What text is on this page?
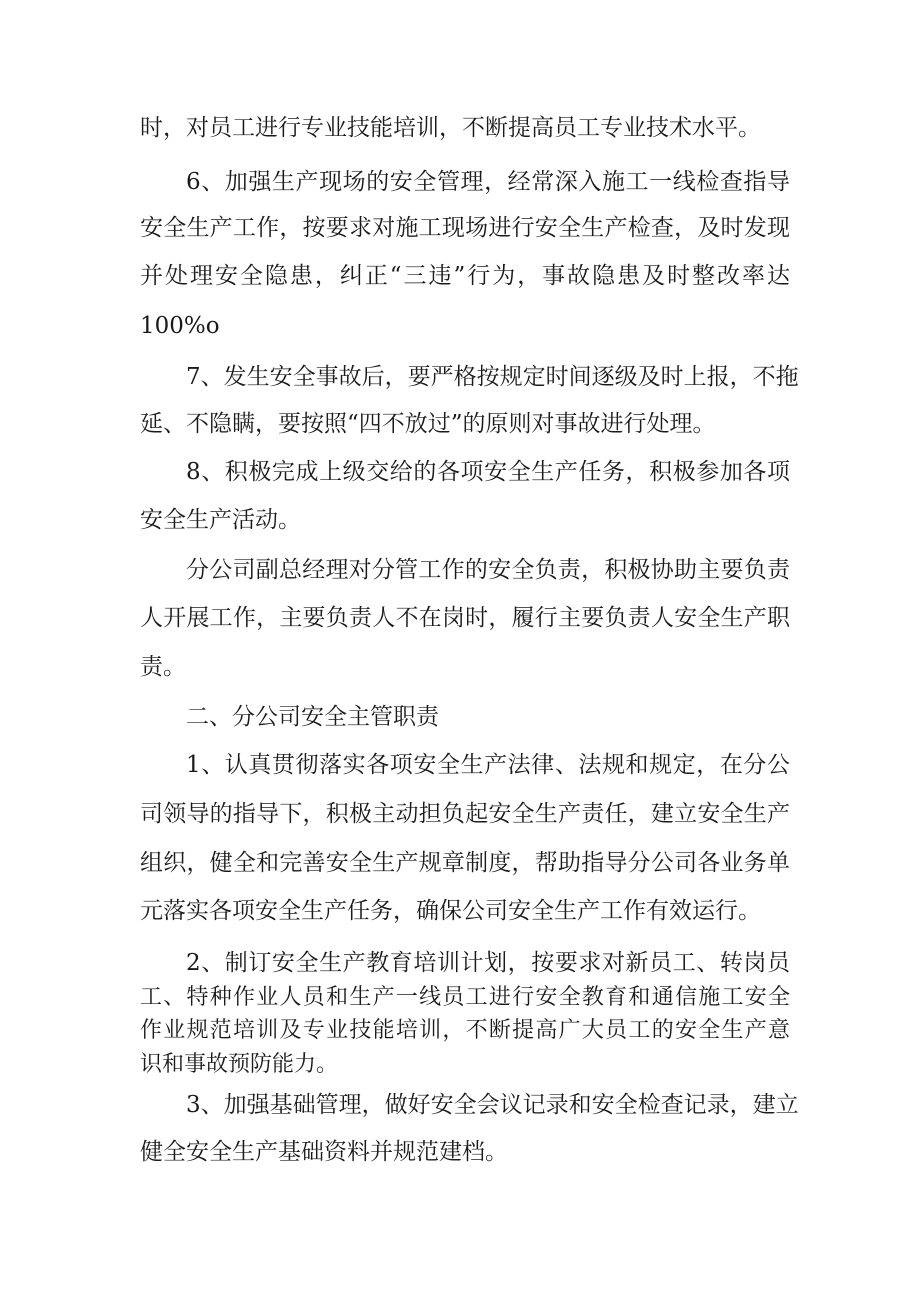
时，对员工进行专业技能培训，不断提高员工专业技术水平。
6、加强生产现场的安全管理，经常深入施工一线检查指导
安全生产工作，按要求对施工现场进行安全生产检查，及时发现
并处理安全隐患，纠正“三违”行为，事故隐患及时整改率达
100%o
7、发生安全事故后，要严格按规定时间逐级及时上报，不拖
延、不隐瞒，要按照“四不放过”的原则对事故进行处理。
8、积极完成上级交给的各项安全生产任务，积极参加各项
安全生产活动。
分公司副总经理对分管工作的安全负责，积极协助主要负责
人开展工作，主要负责人不在岗时，履行主要负责人安全生产职
责。
二、分公司安全主管职责
1、认真贯彻落实各项安全生产法律、法规和规定，在分公
司领导的指导下，积极主动担负起安全生产责任，建立安全生产
组织，健全和完善安全生产规章制度，帮助指导分公司各业务单
元落实各项安全生产任务，确保公司安全生产工作有效运行。
2、制订安全生产教育培训计划，按要求对新员工、转岗员
工、特种作业人员和生产一线员工进行安全教育和通信施工安全
作业规范培训及专业技能培训，不断提高广大员工的安全生产意
识和事故预防能力。
3、加强基础管理，做好安全会议记录和安全检查记录，建立
健全安全生产基础资料并规范建档。
